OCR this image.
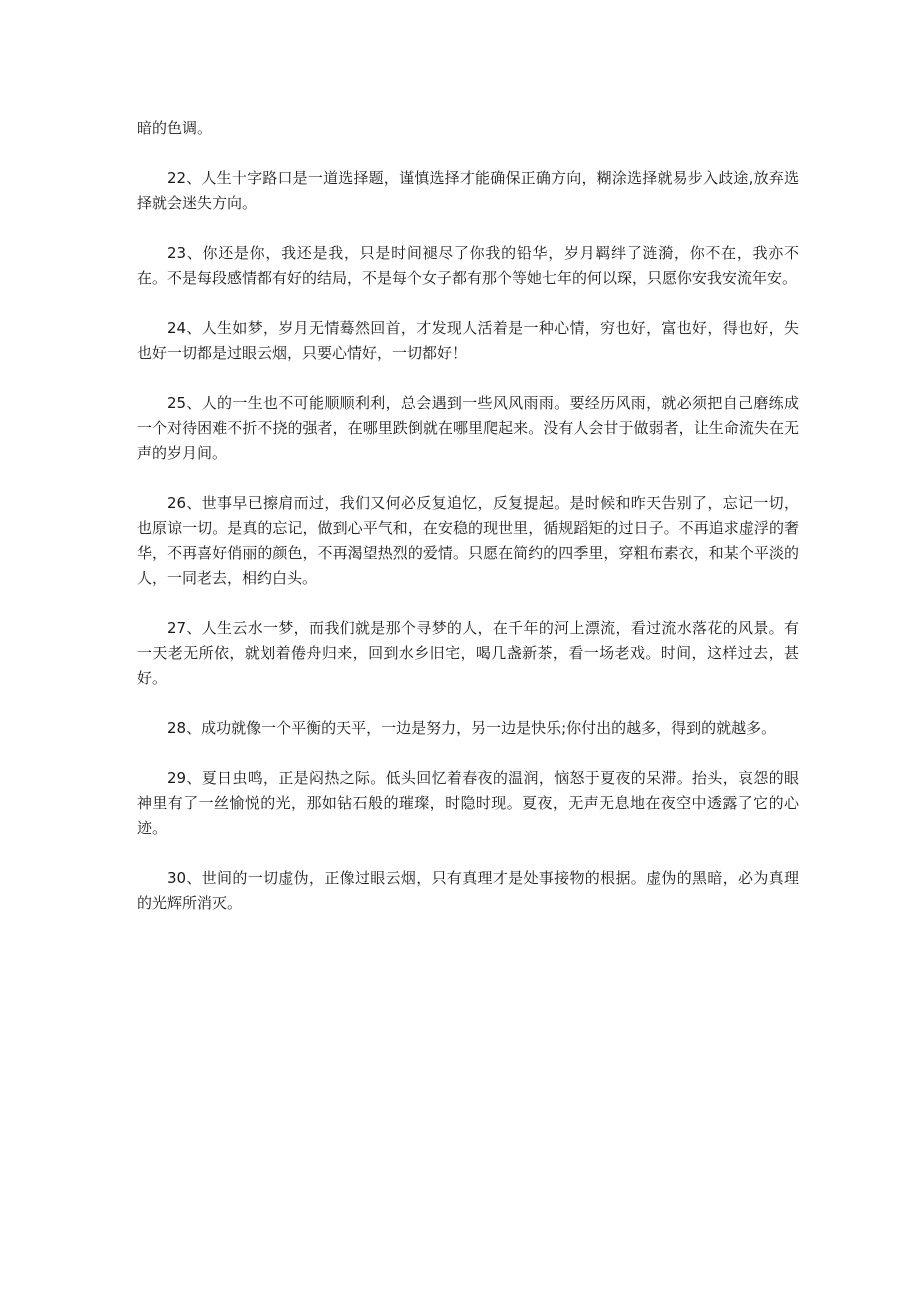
暗的色调。

22、人生十字路口是一道选择题，谨慎选择才能确保正确方向，糊涂选择就易步入歧途,放弃选择就会迷失方向。

23、你还是你，我还是我，只是时间褪尽了你我的铅华，岁月羁绊了涟漪，你不在，我亦不在。不是每段感情都有好的结局，不是每个女子都有那个等她七年的何以琛，只愿你安我安流年安。

24、人生如梦，岁月无情蓦然回首，才发现人活着是一种心情，穷也好，富也好，得也好，失也好一切都是过眼云烟，只要心情好，一切都好！

25、人的一生也不可能顺顺利利，总会遇到一些风风雨雨。要经历风雨，就必须把自己磨练成一个对待困难不折不挠的强者，在哪里跌倒就在哪里爬起来。没有人会甘于做弱者，让生命流失在无声的岁月间。

26、世事早已擦肩而过，我们又何必反复追忆，反复提起。是时候和昨天告别了，忘记一切，也原谅一切。是真的忘记，做到心平气和，在安稳的现世里，循规蹈矩的过日子。不再追求虚浮的奢华，不再喜好俏丽的颜色，不再渴望热烈的爱情。只愿在简约的四季里，穿粗布素衣，和某个平淡的人，一同老去，相约白头。

27、人生云水一梦，而我们就是那个寻梦的人，在千年的河上漂流，看过流水落花的风景。有一天老无所依，就划着倦舟归来，回到水乡旧宅，喝几盏新茶，看一场老戏。时间，这样过去，甚好。

28、成功就像一个平衡的天平，一边是努力，另一边是快乐;你付出的越多，得到的就越多。

29、夏日虫鸣，正是闷热之际。低头回忆着春夜的温润，恼怒于夏夜的呆滞。抬头，哀怨的眼神里有了一丝愉悦的光，那如钻石般的璀璨，时隐时现。夏夜，无声无息地在夜空中透露了它的心迹。

30、世间的一切虚伪，正像过眼云烟，只有真理才是处事接物的根据。虚伪的黑暗，必为真理的光辉所消灭。
